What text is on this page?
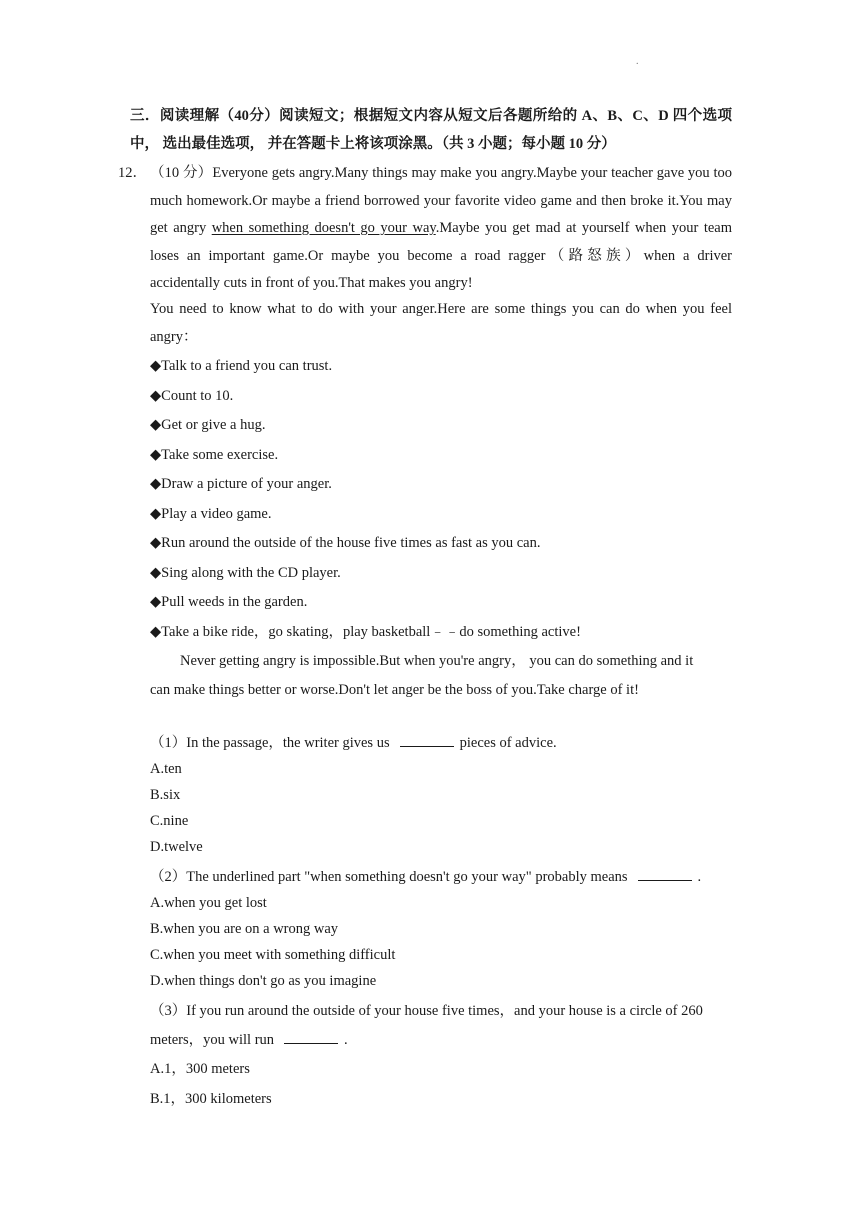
.
三．阅读理解（40分）阅读短文；根据短文内容从短文后各题所给的 A、B、C、D 四个选项中， 选出最佳选项， 并在答题卡上将该项涂黑。（共 3 小题；每小题 10 分）
12． （10 分）Everyone gets angry.Many things may make you angry.Maybe your teacher gave you too much homework.Or maybe a friend borrowed your favorite video game and then broke it.You may get angry when something doesn't go your way.Maybe you get mad at yourself when your team loses an important game.Or maybe you become a road ragger（路怒族）when a driver accidentally cuts in front of you.That makes you angry!
You need to know what to do with your anger.Here are some things you can do when you feel angry：
◆Talk to a friend you can trust.
◆Count to 10.
◆Get or give a hug.
◆Take some exercise.
◆Draw a picture of your anger.
◆Play a video game.
◆Run around the outside of the house five times as fast as you can.
◆Sing along with the CD player.
◆Pull weeds in the garden.
◆Take a bike ride，go skating，play basketball﹣﹣do something active!
Never getting angry is impossible.But when you're angry， you can do something and it
can make things better or worse.Don't let anger be the boss of you.Take charge of it!
（1）In the passage，the writer gives us	pieces of advice.
A.ten
B.six
C.nine
D.twelve
（2）The underlined part "when something doesn't go your way" probably means	.
A.when you get lost
B.when you are on a wrong way
C.when you meet with something difficult
D.when things don't go as you imagine
（3）If you run around the outside of your house five times，and your house is a circle of 260 meters，you will run	.
A.1，300 meters
B.1，300 kilometers
